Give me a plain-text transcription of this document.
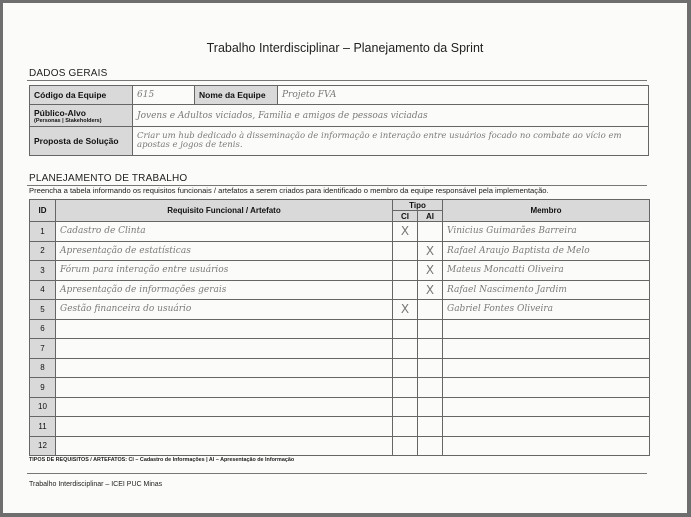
Trabalho Interdisciplinar – Planejamento da Sprint
DADOS GERAIS
Código da Equipe	615	Nome da Equipe	Projeto FVA
Público-Alvo
(Personas | Stakeholders)	Jovens e Adultos viciados, Familia e amigos de pessoas viciadas		
Proposta de Solução	Criar um hub dedicado à disseminação de informação e interação entre usuários focado no combate ao vício em apostas e jogos de tenis.		
PLANEJAMENTO DE TRABALHO
Preencha a tabela informando os requisitos funcionais / artefatos a serem criados para identificado o membro da equipe responsável pela implementação.
ID	Requisito Funcional / Artefato	Tipo		Membro
		CI	AI	
1	Cadastro de Clinta	X		Vinicius Guimarães Barreira
2	Apresentação de estatísticas		X	Rafael Araujo Baptista de Melo
3	Fórum para interação entre usuários		X	Mateus Moncatti Oliveira
4	Apresentação de informações gerais		X	Rafael Nascimento Jardim
5	Gestão financeira do usuário	X		Gabriel Fontes Oliveira
6				
7				
8				
9				
10				
11				
12				
TIPOS DE REQUISITOS / ARTEFATOS: CI – Cadastro de Informações | AI – Apresentação de Informação
Trabalho Interdisciplinar – ICEI PUC Minas
